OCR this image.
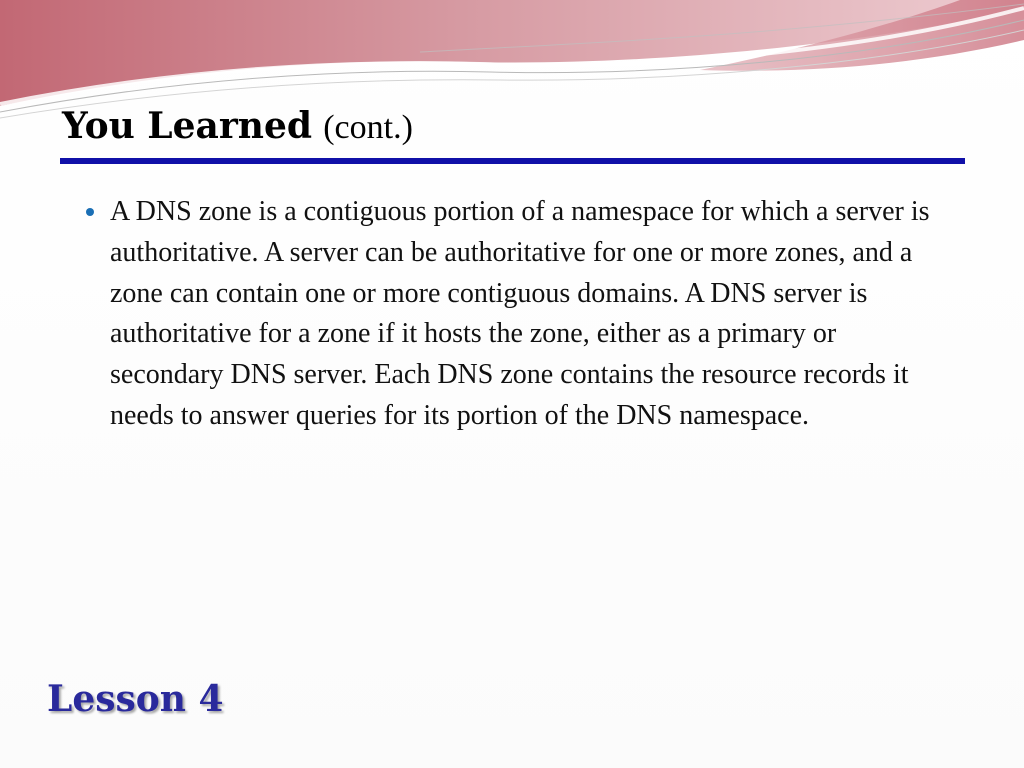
You Learned (cont.)
A DNS zone is a contiguous portion of a namespace for which a server is authoritative. A server can be authoritative for one or more zones, and a zone can contain one or more contiguous domains. A DNS server is authoritative for a zone if it hosts the zone, either as a primary or secondary DNS server. Each DNS zone contains the resource records it needs to answer queries for its portion of the DNS namespace.
Lesson 4
